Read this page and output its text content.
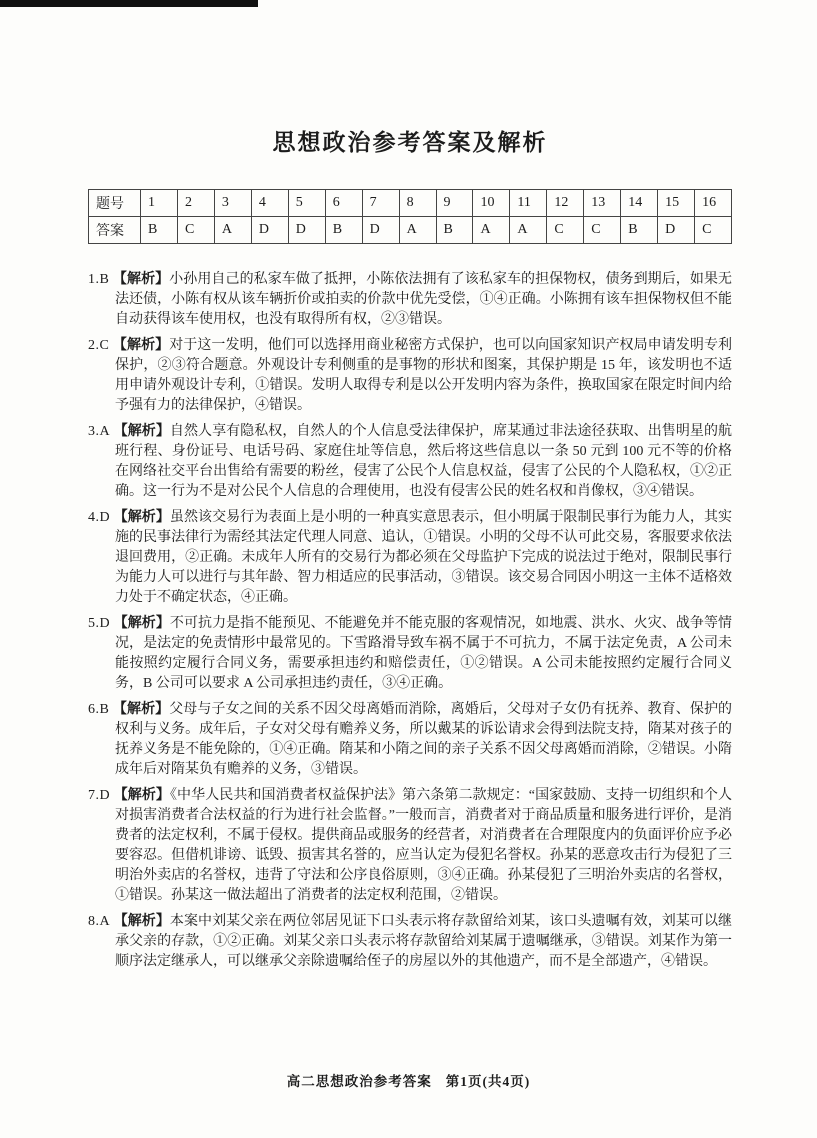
思想政治参考答案及解析
题号	1	2	3	4	5	6	7	8	9	10	11	12	13	14	15	16
答案	B	C	A	D	D	B	D	A	B	A	A	C	C	B	D	C
1.B 【解析】小孙用自己的私家车做了抵押，小陈依法拥有了该私家车的担保物权，债务到期后，如果无法还债，小陈有权从该车辆折价或拍卖的价款中优先受偿，①④正确。小陈拥有该车担保物权但不能自动获得该车使用权，也没有取得所有权，②③错误。
2.C 【解析】对于这一发明，他们可以选择用商业秘密方式保护，也可以向国家知识产权局申请发明专利保护，②③符合题意。外观设计专利侧重的是事物的形状和图案，其保护期是 15 年，该发明也不适用申请外观设计专利，①错误。发明人取得专利是以公开发明内容为条件，换取国家在限定时间内给予强有力的法律保护，④错误。
3.A 【解析】自然人享有隐私权，自然人的个人信息受法律保护，席某通过非法途径获取、出售明星的航班行程、身份证号、电话号码、家庭住址等信息，然后将这些信息以一条 50 元到 100 元不等的价格在网络社交平台出售给有需要的粉丝，侵害了公民个人信息权益，侵害了公民的个人隐私权，①②正确。这一行为不是对公民个人信息的合理使用，也没有侵害公民的姓名权和肖像权，③④错误。
4.D 【解析】虽然该交易行为表面上是小明的一种真实意思表示，但小明属于限制民事行为能力人，其实施的民事法律行为需经其法定代理人同意、追认，①错误。小明的父母不认可此交易，客服要求依法退回费用，②正确。未成年人所有的交易行为都必须在父母监护下完成的说法过于绝对，限制民事行为能力人可以进行与其年龄、智力相适应的民事活动，③错误。该交易合同因小明这一主体不适格效力处于不确定状态，④正确。
5.D 【解析】不可抗力是指不能预见、不能避免并不能克服的客观情况，如地震、洪水、火灾、战争等情况，是法定的免责情形中最常见的。下雪路滑导致车祸不属于不可抗力，不属于法定免责，A 公司未能按照约定履行合同义务，需要承担违约和赔偿责任，①②错误。A 公司未能按照约定履行合同义务，B 公司可以要求 A 公司承担违约责任，③④正确。
6.B 【解析】父母与子女之间的关系不因父母离婚而消除，离婚后，父母对子女仍有抚养、教育、保护的权利与义务。成年后，子女对父母有赡养义务，所以戴某的诉讼请求会得到法院支持，隋某对孩子的抚养义务是不能免除的，①④正确。隋某和小隋之间的亲子关系不因父母离婚而消除，②错误。小隋成年后对隋某负有赡养的义务，③错误。
7.D 【解析】《中华人民共和国消费者权益保护法》第六条第二款规定：“国家鼓励、支持一切组织和个人对损害消费者合法权益的行为进行社会监督。”一般而言，消费者对于商品质量和服务进行评价，是消费者的法定权利，不属于侵权。提供商品或服务的经营者，对消费者在合理限度内的负面评价应予必要容忍。但借机诽谤、诋毁、损害其名誉的，应当认定为侵犯名誉权。孙某的恶意攻击行为侵犯了三明治外卖店的名誉权，违背了守法和公序良俗原则，③④正确。孙某侵犯了三明治外卖店的名誉权，①错误。孙某这一做法超出了消费者的法定权利范围，②错误。
8.A 【解析】本案中刘某父亲在两位邻居见证下口头表示将存款留给刘某，该口头遗嘱有效，刘某可以继承父亲的存款，①②正确。刘某父亲口头表示将存款留给刘某属于遗嘱继承，③错误。刘某作为第一顺序法定继承人，可以继承父亲除遗嘱给侄子的房屋以外的其他遗产，而不是全部遗产，④错误。
高二思想政治参考答案 第1页(共4页)
